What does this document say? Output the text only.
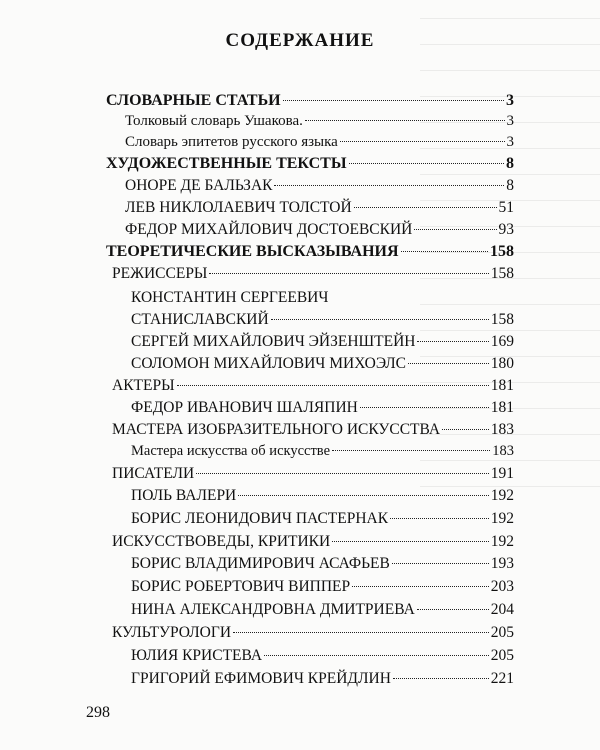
СОДЕРЖАНИЕ
СЛОВАРНЫЕ СТАТЬИ	3
Толковый словарь Ушакова.	3
Словарь эпитетов русского языка	3
ХУДОЖЕСТВЕННЫЕ ТЕКСТЫ	8
ОНОРЕ ДЕ БАЛЬЗАК	8
ЛЕВ НИКЛОЛАЕВИЧ ТОЛСТОЙ	51
ФЕДОР МИХАЙЛОВИЧ ДОСТОЕВСКИЙ	93
ТЕОРЕТИЧЕСКИЕ ВЫСКАЗЫВАНИЯ	158
РЕЖИССЕРЫ	158
КОНСТАНТИН СЕРГЕЕВИЧ
СТАНИСЛАВСКИЙ	158
СЕРГЕЙ МИХАЙЛОВИЧ ЭЙЗЕНШТЕЙН	169
СОЛОМОН МИХАЙЛОВИЧ МИХОЭЛС	180
АКТЕРЫ	181
ФЕДОР ИВАНОВИЧ ШАЛЯПИН	181
МАСТЕРА ИЗОБРАЗИТЕЛЬНОГО ИСКУССТВА	183
Мастера искусства об искусстве	183
ПИСАТЕЛИ	191
ПОЛЬ ВАЛЕРИ	192
БОРИС ЛЕОНИДОВИЧ ПАСТЕРНАК	192
ИСКУССТВОВЕДЫ, КРИТИКИ	192
БОРИС ВЛАДИМИРОВИЧ АСАФЬЕВ	193
БОРИС РОБЕРТОВИЧ ВИППЕР	203
НИНА АЛЕКСАНДРОВНА ДМИТРИЕВА	204
КУЛЬТУРОЛОГИ	205
ЮЛИЯ КРИСТЕВА	205
ГРИГОРИЙ ЕФИМОВИЧ КРЕЙДЛИН	221
298
